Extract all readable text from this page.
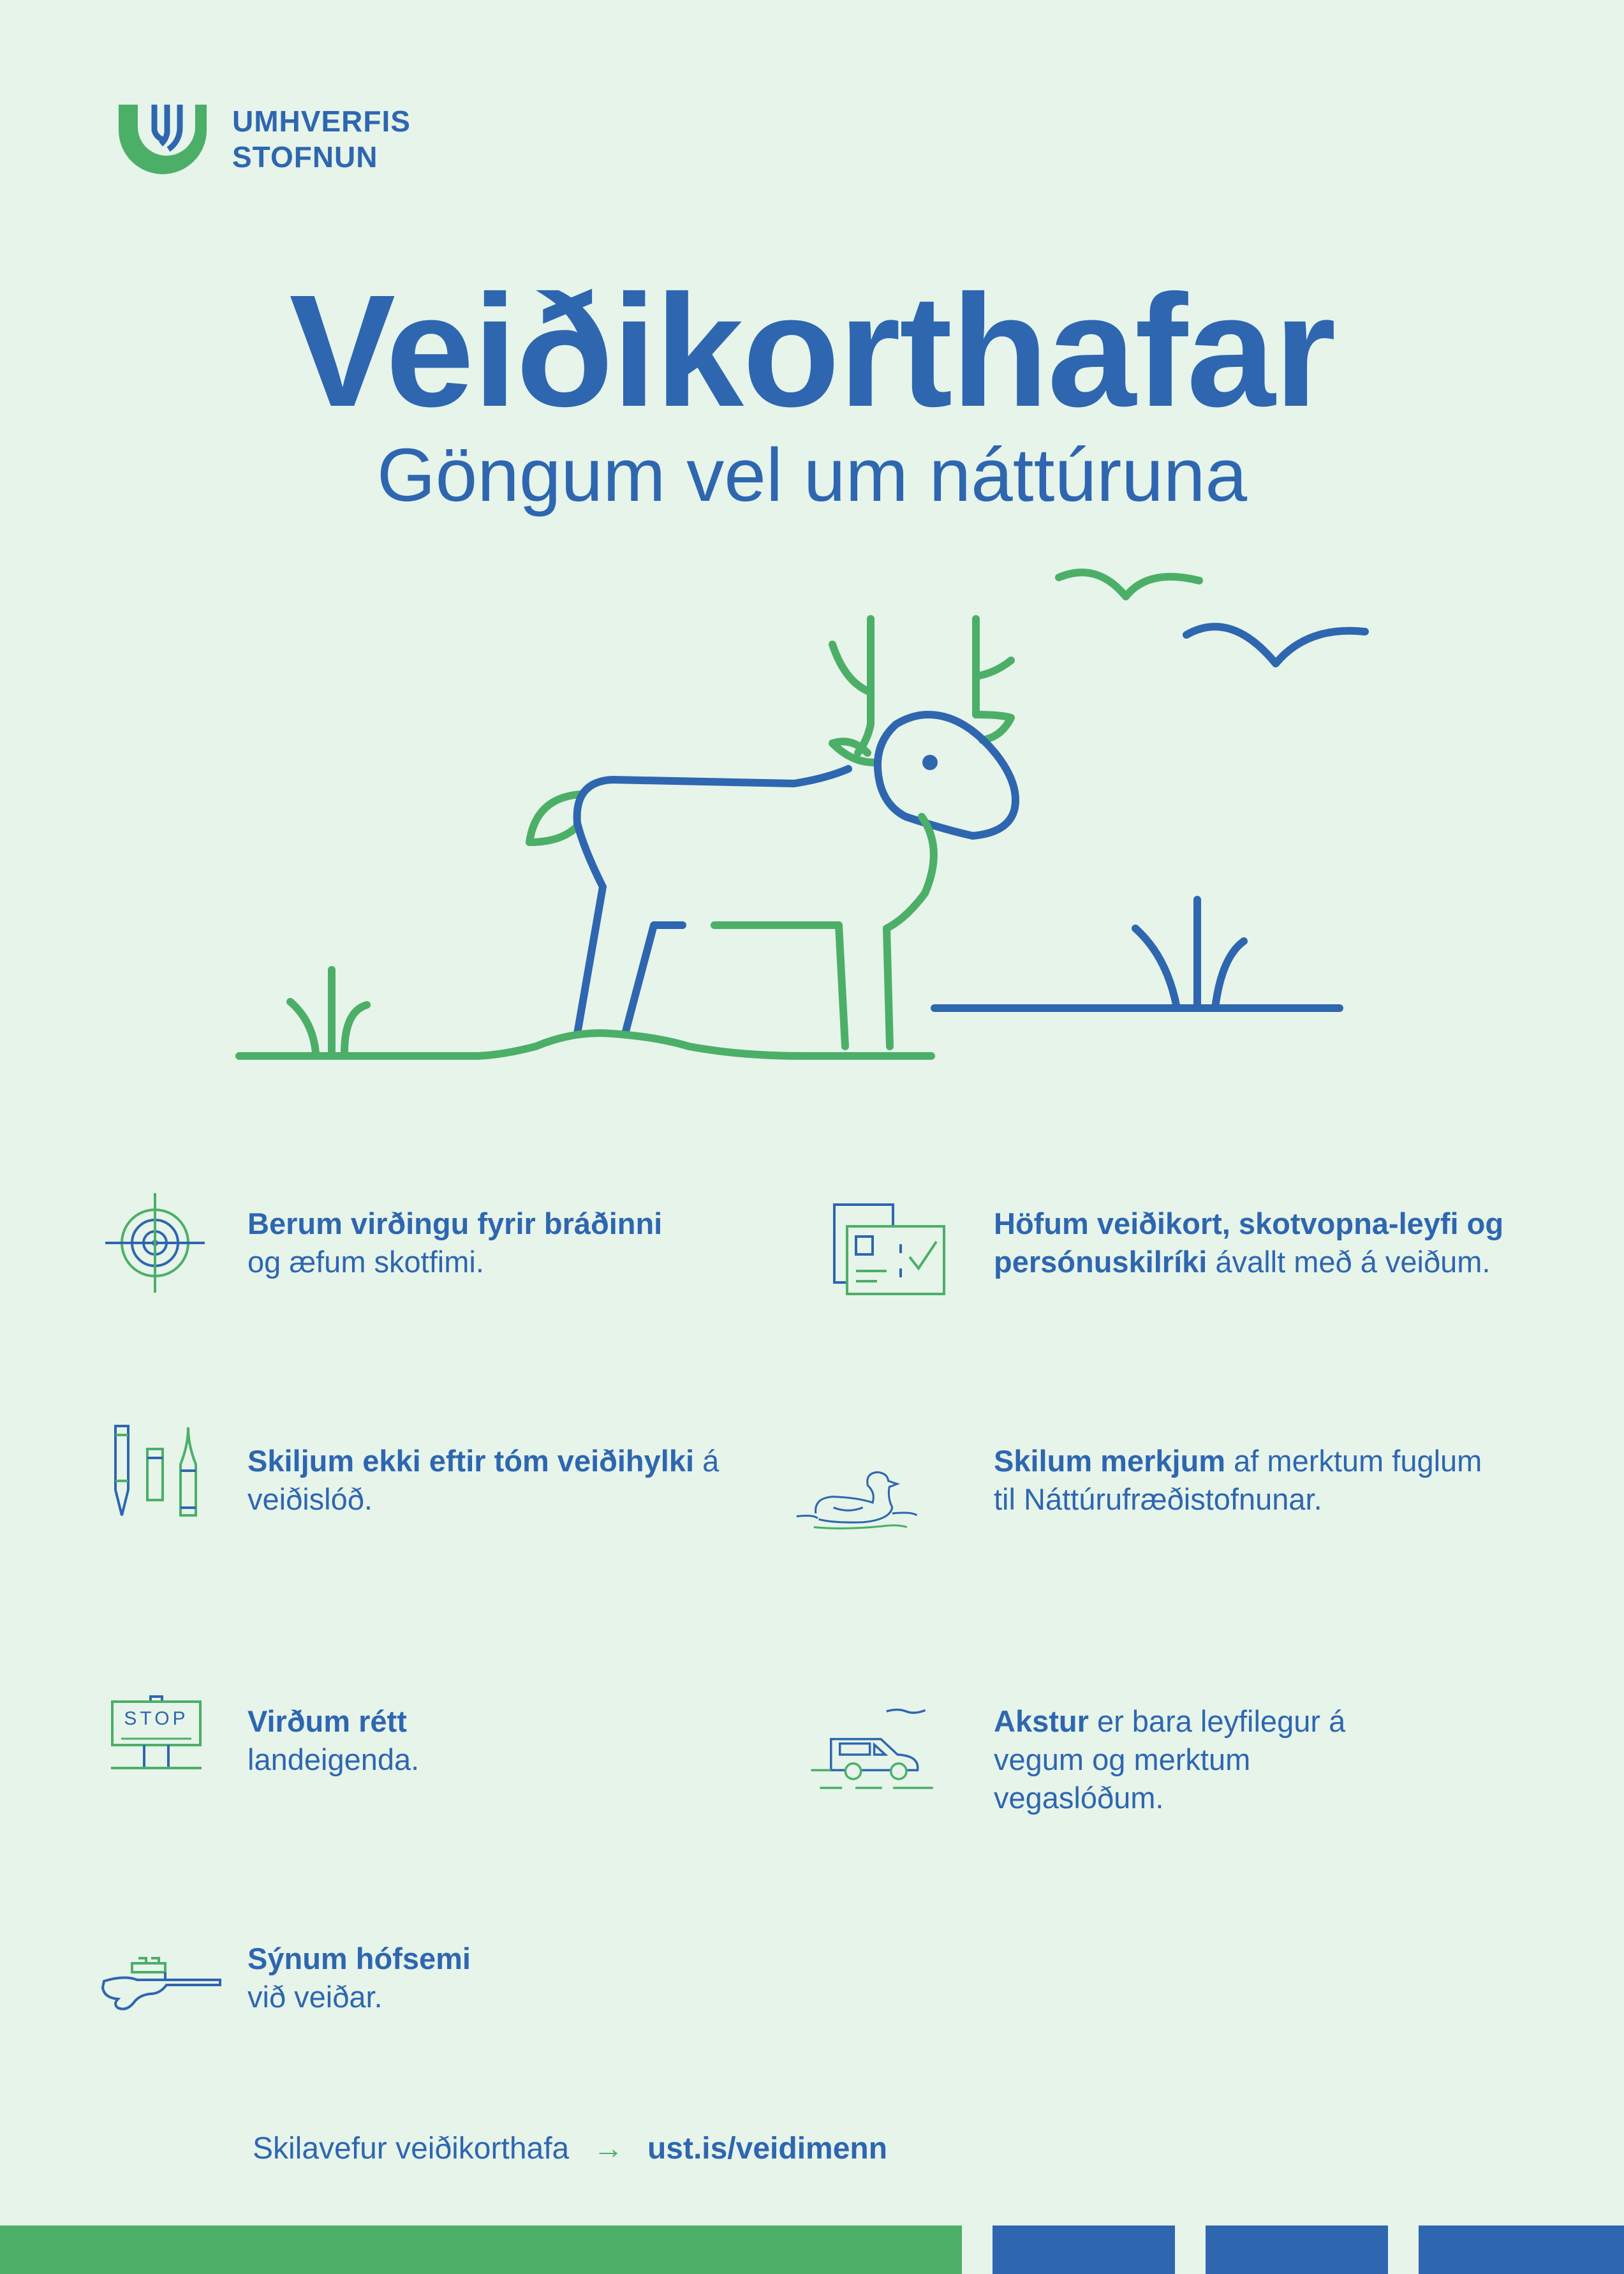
UMHVERFIS
STOFNUN
Veiðikorthafar
Göngum vel um náttúruna
Berum virðingu fyrir bráðinni
og æfum skotfimi.
Höfum veiðikort, skotvopna-leyfi og persónuskilríki ávallt með á veiðum.
Skiljum ekki eftir tóm veiðihylki á veiðislóð.
Skilum merkjum af merktum fuglum til Náttúrufræðistofnunar.
STOP	Virðum rétt
landeigenda.
Akstur er bara leyfilegur á vegum og merktum vegaslóðum.
Sýnum hófsemi
við veiðar.
Skilavefur veiðikorthafa → ust.is/veidimenn
